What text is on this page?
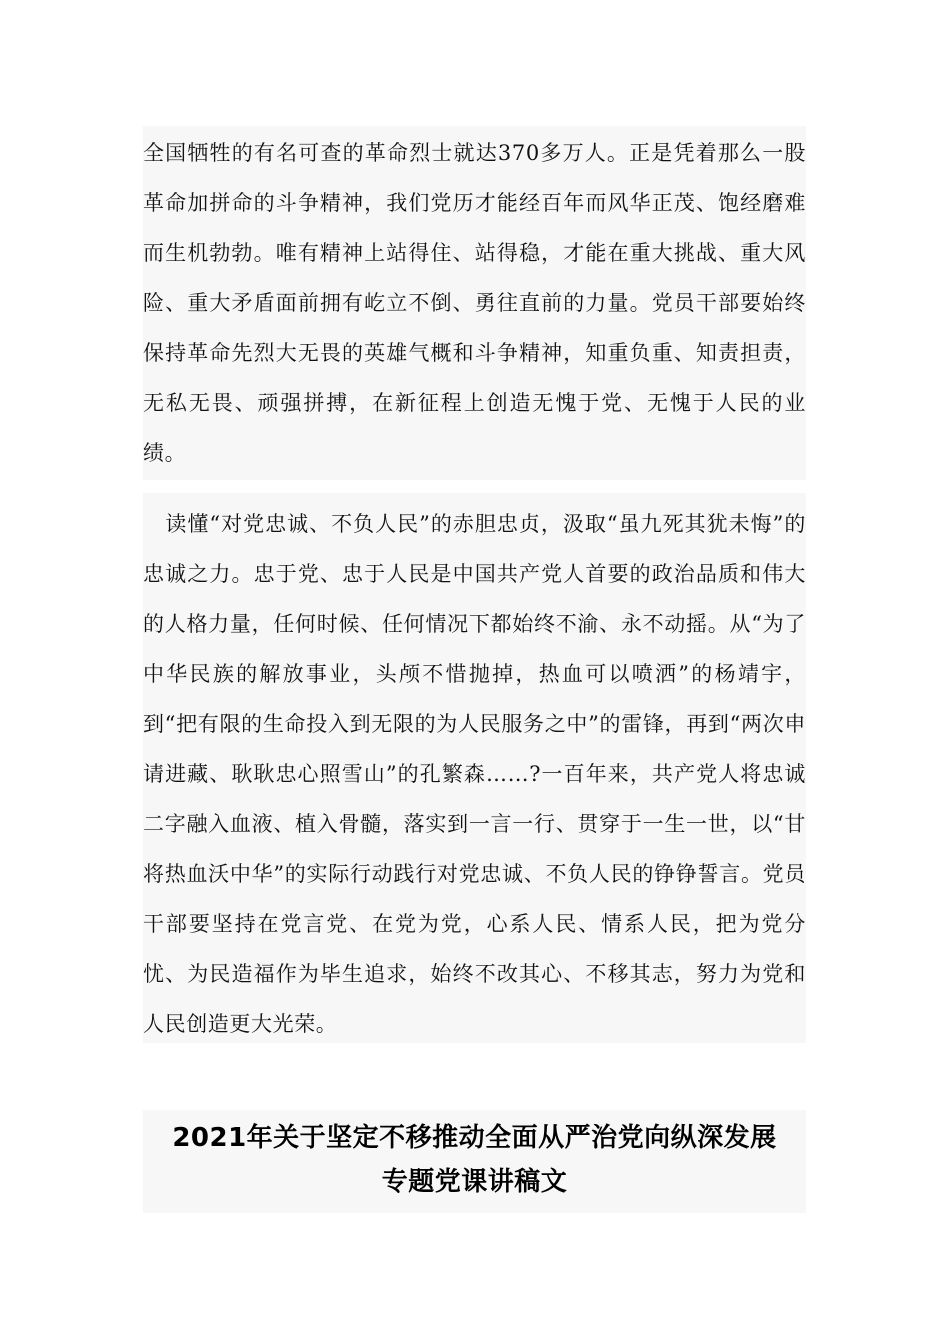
全国牺牲的有名可查的革命烈士就达370多万人。正是凭着那么一股革命加拼命的斗争精神，我们党历才能经百年而风华正茂、饱经磨难而生机勃勃。唯有精神上站得住、站得稳，才能在重大挑战、重大风险、重大矛盾面前拥有屹立不倒、勇往直前的力量。党员干部要始终保持革命先烈大无畏的英雄气概和斗争精神，知重负重、知责担责，无私无畏、顽强拼搏，在新征程上创造无愧于党、无愧于人民的业绩。

读懂“对党忠诚、不负人民”的赤胆忠贞，汲取“虽九死其犹未悔”的忠诚之力。忠于党、忠于人民是中国共产党人首要的政治品质和伟大的人格力量，任何时候、任何情况下都始终不渝、永不动摇。从“为了中华民族的解放事业，头颅不惜抛掉，热血可以喷洒”的杨靖宇，到“把有限的生命投入到无限的为人民服务之中”的雷锋，再到“两次申请进藏、耿耿忠心照雪山”的孔繁森……?一百年来，共产党人将忠诚二字融入血液、植入骨髓，落实到一言一行、贯穿于一生一世，以“甘将热血沃中华”的实际行动践行对党忠诚、不负人民的铮铮誓言。党员干部要坚持在党言党、在党为党，心系人民、情系人民，把为党分忧、为民造福作为毕生追求，始终不改其心、不移其志，努力为党和人民创造更大光荣。

2021年关于坚定不移推动全面从严治党向纵深发展
专题党课讲稿文
